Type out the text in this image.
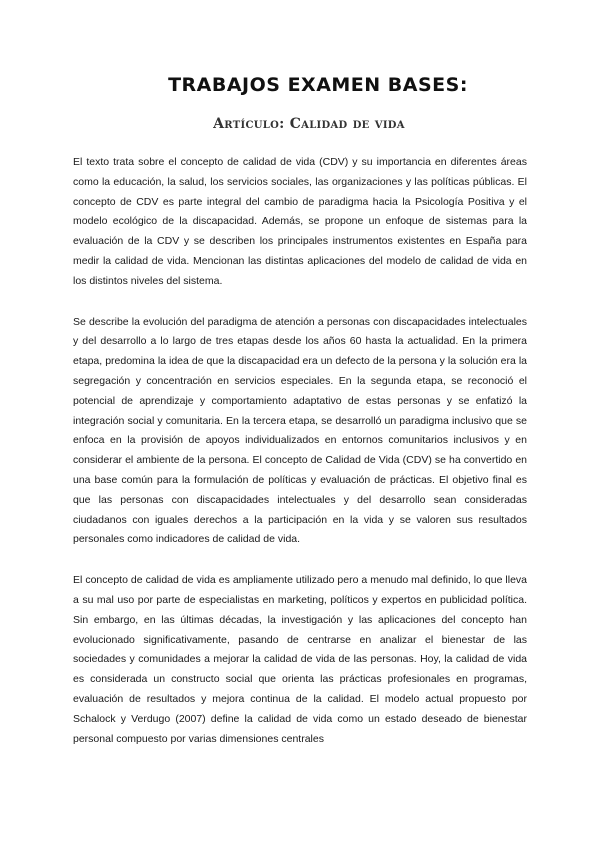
TRABAJOS EXAMEN BASES:
Artículo: Calidad de vida

El texto trata sobre el concepto de calidad de vida (CDV) y su importancia en diferentes áreas como la educación, la salud, los servicios sociales, las organizaciones y las políticas públicas. El concepto de CDV es parte integral del cambio de paradigma hacia la Psicología Positiva y el modelo ecológico de la discapacidad. Además, se propone un enfoque de sistemas para la evaluación de la CDV y se describen los principales instrumentos existentes en España para medir la calidad de vida. Mencionan las distintas aplicaciones del modelo de calidad de vida en los distintos niveles del sistema.

Se describe la evolución del paradigma de atención a personas con discapacidades intelectuales y del desarrollo a lo largo de tres etapas desde los años 60 hasta la actualidad. En la primera etapa, predomina la idea de que la discapacidad era un defecto de la persona y la solución era la segregación y concentración en servicios especiales. En la segunda etapa, se reconoció el potencial de aprendizaje y comportamiento adaptativo de estas personas y se enfatizó la integración social y comunitaria. En la tercera etapa, se desarrolló un paradigma inclusivo que se enfoca en la provisión de apoyos individualizados en entornos comunitarios inclusivos y en considerar el ambiente de la persona. El concepto de Calidad de Vida (CDV) se ha convertido en una base común para la formulación de políticas y evaluación de prácticas. El objetivo final es que las personas con discapacidades intelectuales y del desarrollo sean consideradas ciudadanos con iguales derechos a la participación en la vida y se valoren sus resultados personales como indicadores de calidad de vida.

El concepto de calidad de vida es ampliamente utilizado pero a menudo mal definido, lo que lleva a su mal uso por parte de especialistas en marketing, políticos y expertos en publicidad política. Sin embargo, en las últimas décadas, la investigación y las aplicaciones del concepto han evolucionado significativamente, pasando de centrarse en analizar el bienestar de las sociedades y comunidades a mejorar la calidad de vida de las personas. Hoy, la calidad de vida es considerada un constructo social que orienta las prácticas profesionales en programas, evaluación de resultados y mejora continua de la calidad. El modelo actual propuesto por Schalock y Verdugo (2007) define la calidad de vida como un estado deseado de bienestar personal compuesto por varias dimensiones centrales
